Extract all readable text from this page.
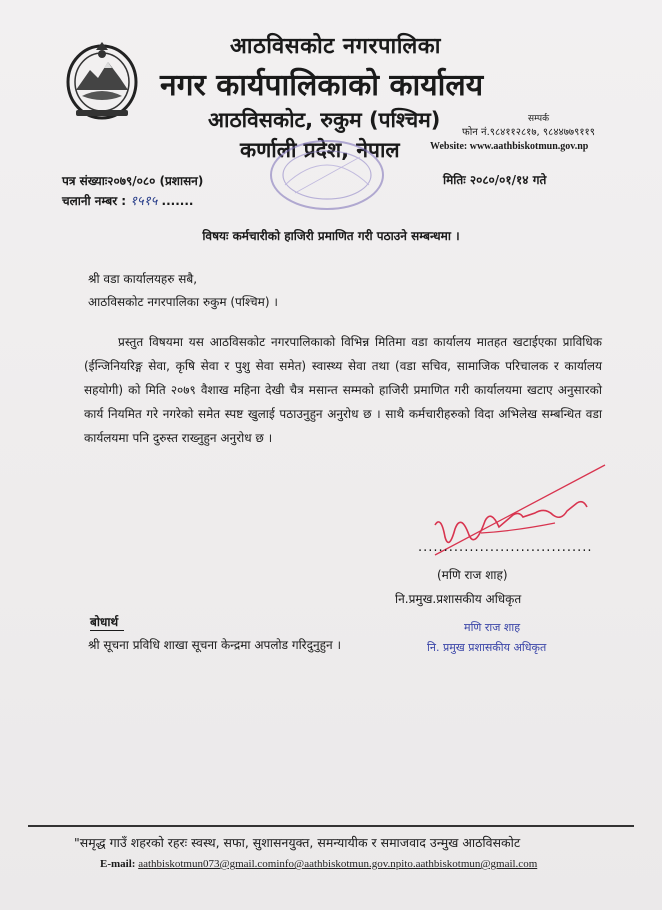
आठविसकोट नगरपालिका
नगर कार्यपालिकाको कार्यालय
आठविसकोट, रुकुम (पश्चिम)
कर्णाली प्रदेश, नेपाल
सम्पर्क
फोन नं.९८४११२८१७, ९८४४७७९११९
Website: www.aathbiskotmun.gov.np
पत्र संख्याः२०७९/०८० (प्रशासन)	मितिः २०८०/०१/१४ गते
चलानी नम्बर : १५१५ .......
विषयः कर्मचारीको हाजिरी प्रमाणित गरी पठाउने सम्बन्धमा ।
श्री वडा कार्यालयहरु सबै,
आठविसकोट नगरपालिका रुकुम (पश्चिम) ।
प्रस्तुत विषयमा यस आठविसकोट नगरपालिकाको विभिन्न मितिमा वडा कार्यालय मातहत खटाईएका प्राविधिक (ईन्जिनियरिङ्ग सेवा, कृषि सेवा र पुशु सेवा समेत) स्वास्थ्य सेवा तथा (वडा सचिव, सामाजिक परिचालक र कार्यालय सहयोगी) को मिति २०७९ वैशाख महिना देखी चैत्र मसान्त सम्मको हाजिरी प्रमाणित गरी कार्यालयमा खटाए अनुसारको कार्य नियमित गरे नगरेको समेत स्पष्ट खुलाई पठाउनुहुन अनुरोध छ । साथै कर्मचारीहरुको विदा अभिलेख सम्बन्धित वडा कार्यलयमा पनि दुरुस्त राख्नुहुन अनुरोध छ ।
..................................
(मणि राज शाह)
नि.प्रमुख.प्रशासकीय अधिकृत
मणि राज शाह
नि. प्रमुख प्रशासकीय अधिकृत
बोधार्थ
श्री सूचना प्रविधि शाखा सूचना केन्द्रमा अपलोड गरिदुनुहुन ।
"समृद्ध गाउँ शहरको रहरः स्वस्थ, सफा, सुशासनयुक्त, समन्यायीक र समाजवाद उन्मुख आठविसकोट
E-mail: aathbiskotmun073@gmail.cominfo@aathbiskotmun.gov.npito.aathbiskotmun@gmail.com
